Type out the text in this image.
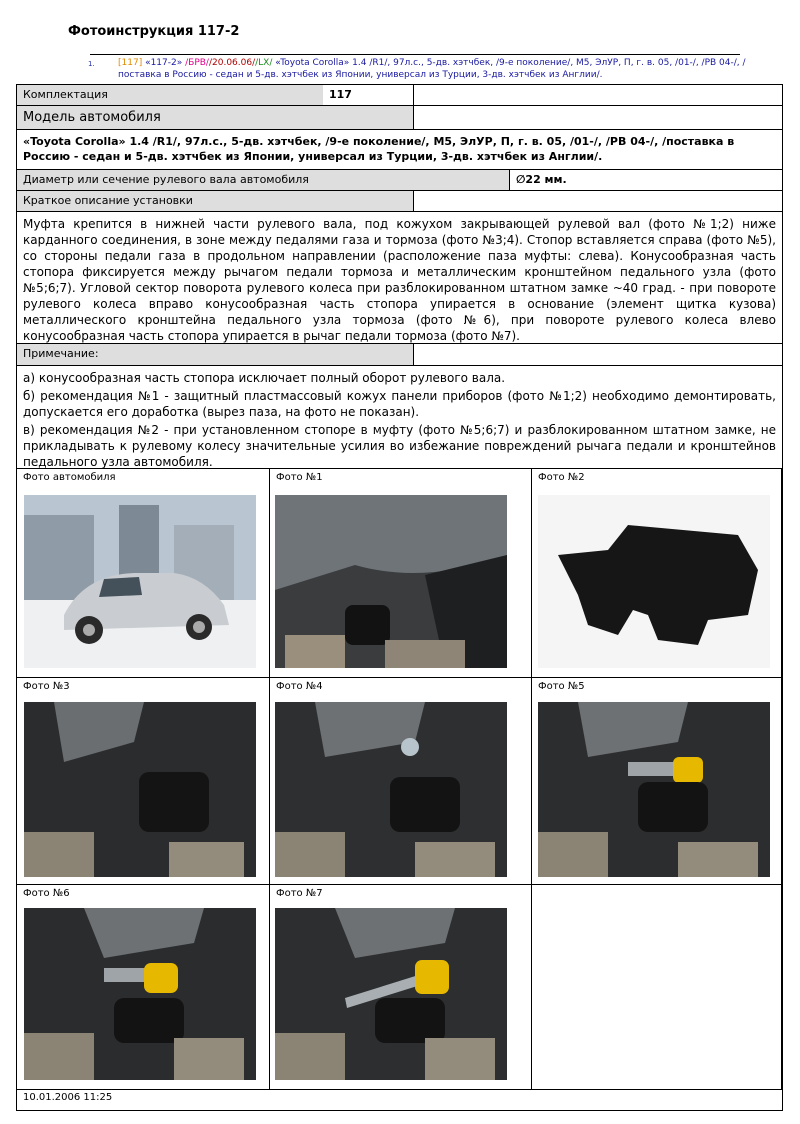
Фотоинструкция 117-2
1.	[117] «117-2» /БРВ//20.06.06//LX/ «Toyota Corolla» 1.4 /R1/, 97л.с., 5-дв. хэтчбек, /9-е поколение/, М5, ЭлУР, П, г. в. 05, /01-/, /РВ 04-/, /поставка в Россию - седан и 5-дв. хэтчбек из Японии, универсал из Турции, 3-дв. хэтчбек из Англии/.
Комплектация	117
Модель автомобиля
«Toyota Corolla» 1.4 /R1/, 97л.с., 5-дв. хэтчбек, /9-е поколение/, М5, ЭлУР, П, г. в. 05, /01-/, /РВ 04-/, /поставка в Россию - седан и 5-дв. хэтчбек из Японии, универсал из Турции, 3-дв. хэтчбек из Англии/.
Диаметр или сечение рулевого вала автомобиля	∅22 мм.
Краткое описание установки
Муфта крепится в нижней части рулевого вала, под кожухом закрывающей рулевой вал (фото №1;2) ниже карданного соединения, в зоне между педалями газа и тормоза (фото №3;4). Стопор вставляется справа (фото №5), со стороны педали газа в продольном направлении (расположение паза муфты: слева). Конусообразная часть стопора фиксируется между рычагом педали тормоза и металлическим кронштейном педального узла (фото №5;6;7). Угловой сектор поворота рулевого колеса при разблокированном штатном замке ~40 град. - при повороте рулевого колеса вправо конусообразная часть стопора упирается в основание (элемент щитка кузова) металлического кронштейна педального узла тормоза (фото №6), при повороте рулевого колеса влево конусообразная часть стопора упирается в рычаг педали тормоза (фото №7).
Примечание:
а) конусообразная часть стопора исключает полный оборот рулевого вала.
б) рекомендация №1 - защитный пластмассовый кожух панели приборов (фото №1;2) необходимо демонтировать, допускается его доработка (вырез паза, на фото не показан).
в) рекомендация №2 - при установленном стопоре в муфту (фото №5;6;7) и разблокированном штатном замке, не прикладывать к рулевому колесу значительные усилия во избежание повреждений рычага педали и кронштейнов педального узла автомобиля.
Фото автомобиля	Фото №1	Фото №2
Фото №3	Фото №4	Фото №5
Фото №6	Фото №7
10.01.2006 11:25
